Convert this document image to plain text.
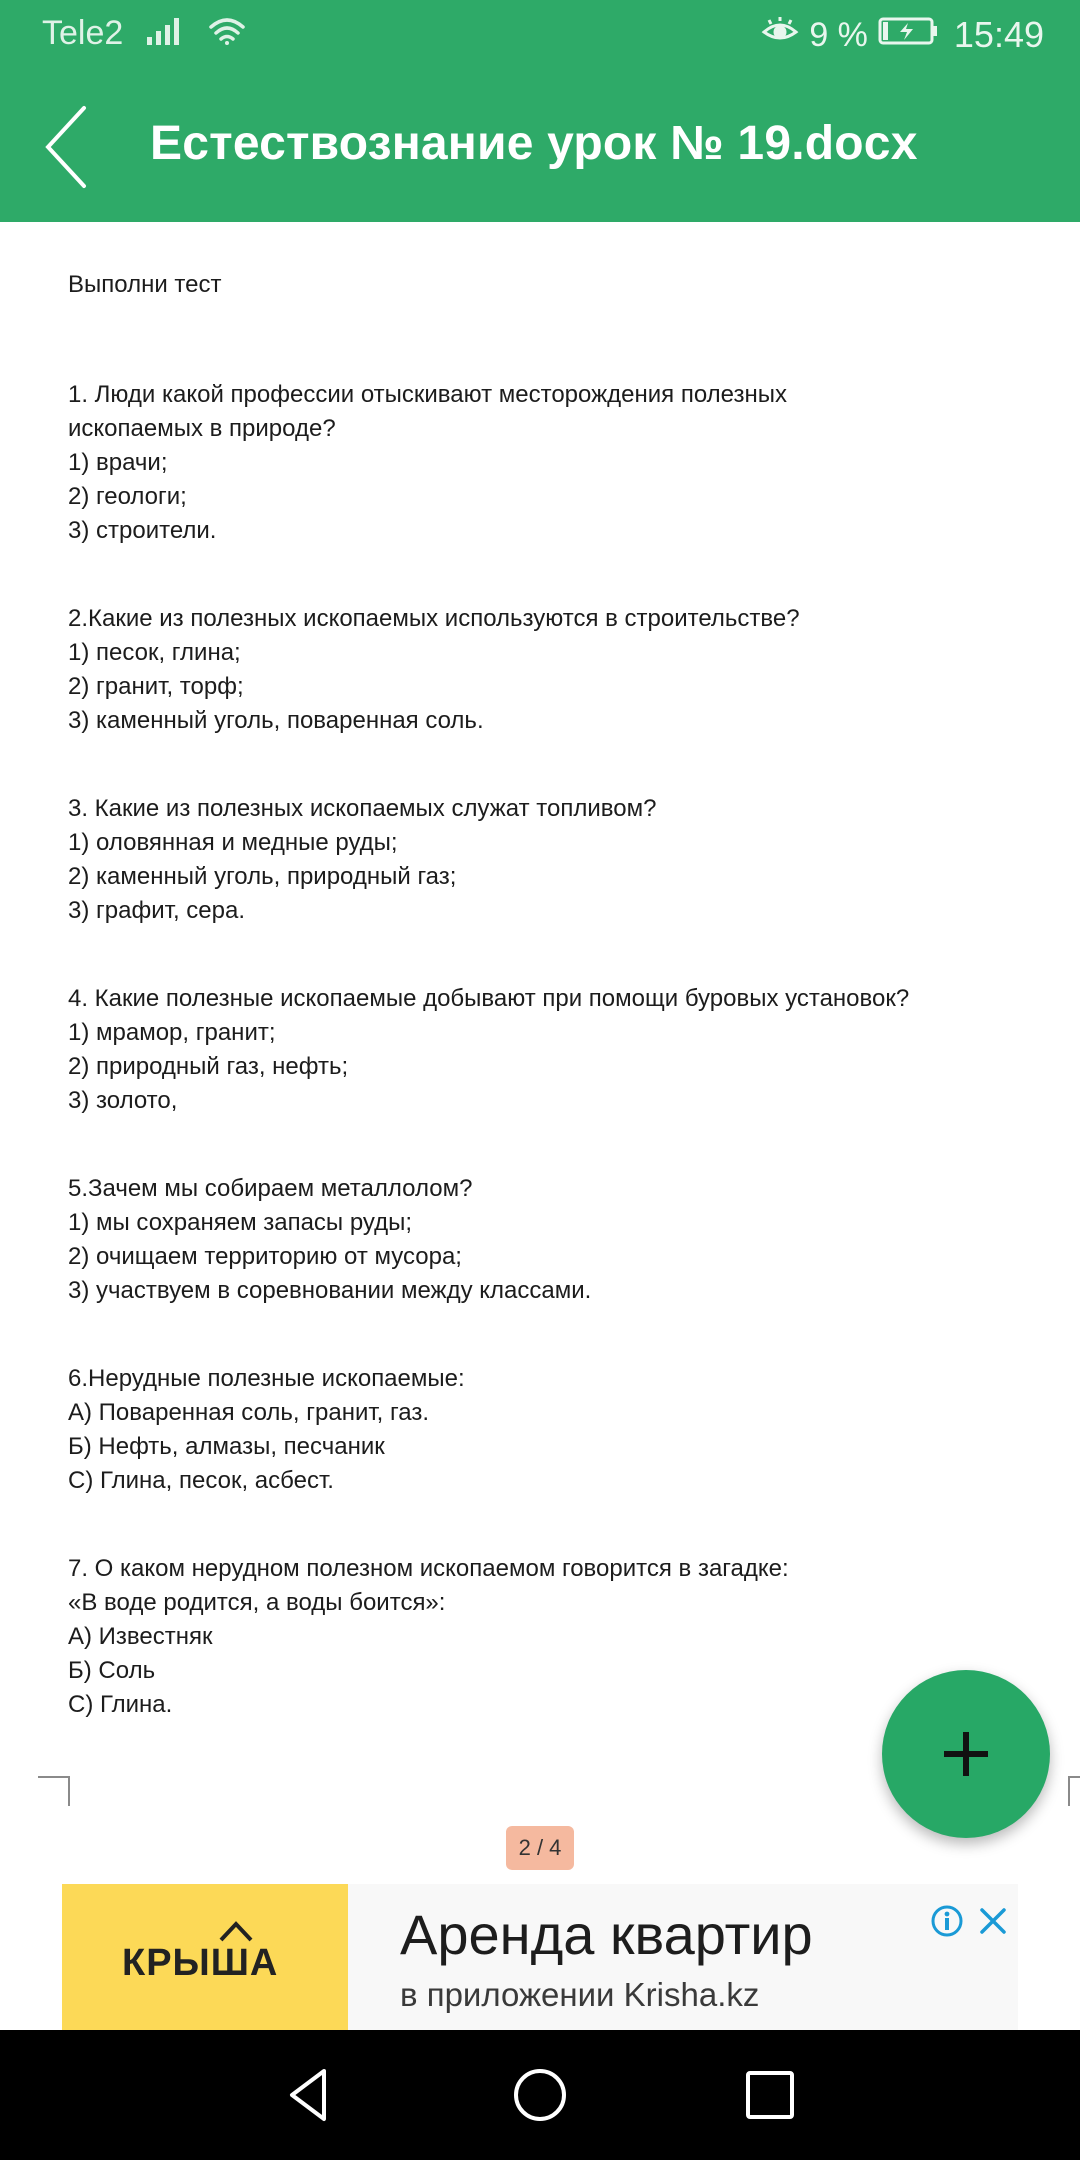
Tele2	9 % 15:49
Естествознание урок № 19.docx

Выполни тест

1. Люди какой профессии отыскивают месторождения полезных

ископаемых в природе?

1) врачи;

2) геологи;

3) строители.

2.Какие из полезных ископаемых используются в строительстве?

1) песок, глина;

2) гранит, торф;

3) каменный уголь, поваренная соль.

3. Какие из полезных ископаемых служат топливом?

1) оловянная и медные руды;

2) каменный уголь, природный газ;

3) графит, сера.

4. Какие полезные ископаемые добывают при помощи буровых установок?

1) мрамор, гранит;

2) природный газ, нефть;

3) золото,

5.Зачем мы собираем металлолом?

1) мы сохраняем запасы руды;

2) очищаем территорию от мусора;

3) участвуем в соревновании между классами.

6.Нерудные полезные ископаемые:

А) Поваренная соль, гранит, газ.

Б) Нефть, алмазы, песчаник

С) Глина, песок, асбест.

7. О каком нерудном полезном ископаемом говорится в загадке:

«В воде родится, а воды боится»:

А) Известняк

Б) Соль

С) Глина.

2 / 4
КРЫША Аренда квартир
в приложении Krisha.kz
